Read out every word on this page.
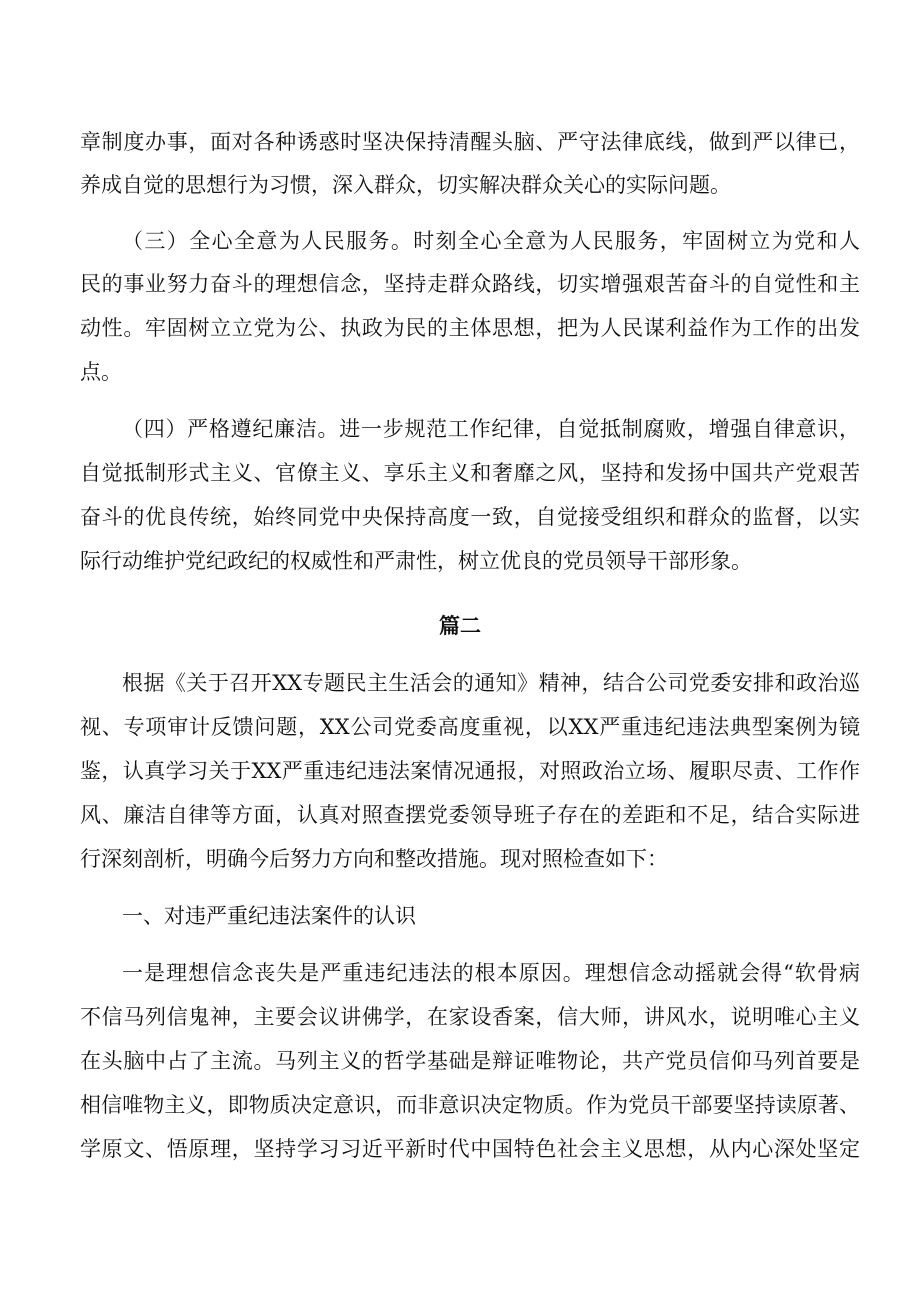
章制度办事，面对各种诱惑时坚决保持清醒头脑、严守法律底线，做到严以律已，
养成自觉的思想行为习惯，深入群众，切实解决群众关心的实际问题。
（三）全心全意为人民服务。时刻全心全意为人民服务，牢固树立为党和人
民的事业努力奋斗的理想信念，坚持走群众路线，切实增强艰苦奋斗的自觉性和主
动性。牢固树立立党为公、执政为民的主体思想，把为人民谋利益作为工作的出发
点。
（四）严格遵纪廉洁。进一步规范工作纪律，自觉抵制腐败，增强自律意识，
自觉抵制形式主义、官僚主义、享乐主义和奢靡之风，坚持和发扬中国共产党艰苦
奋斗的优良传统，始终同党中央保持高度一致，自觉接受组织和群众的监督，以实
际行动维护党纪政纪的权威性和严肃性，树立优良的党员领导干部形象。
篇二
根据《关于召开XX专题民主生活会的通知》精神，结合公司党委安排和政治巡
视、专项审计反馈问题，XX公司党委高度重视，以XX严重违纪违法典型案例为镜
鉴，认真学习关于XX严重违纪违法案情况通报，对照政治立场、履职尽责、工作作
风、廉洁自律等方面，认真对照查摆党委领导班子存在的差距和不足，结合实际进
行深刻剖析，明确今后努力方向和整改措施。现对照检查如下：
一、对违严重纪违法案件的认识
一是理想信念丧失是严重违纪违法的根本原因。理想信念动摇就会得“软骨病
不信马列信鬼神，主要会议讲佛学，在家设香案，信大师，讲风水，说明唯心主义
在头脑中占了主流。马列主义的哲学基础是辩证唯物论，共产党员信仰马列首要是
相信唯物主义，即物质决定意识，而非意识决定物质。作为党员干部要坚持读原著、
学原文、悟原理，坚持学习习近平新时代中国特色社会主义思想，从内心深处坚定
